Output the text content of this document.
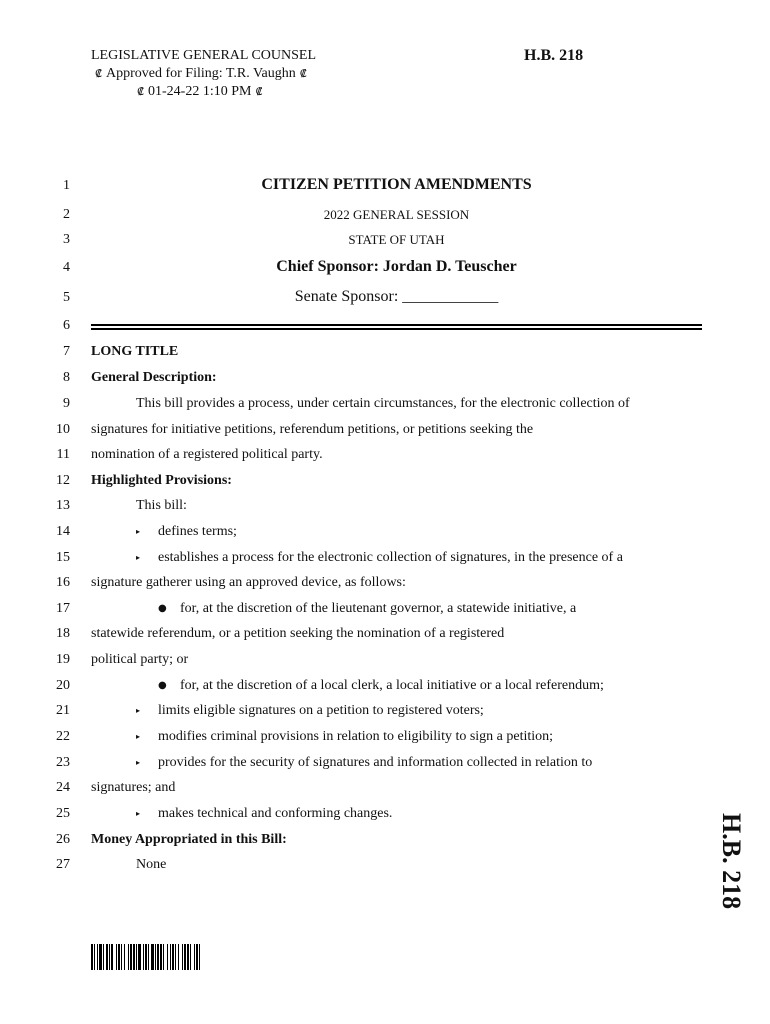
LEGISLATIVE GENERAL COUNSEL
₡ Approved for Filing: T.R. Vaughn ₡
₡ 01-24-22 1:10 PM ₡
H.B. 218
1
2
3
4
5
6
7
8
9
10
11
12
13
14
15
16
17
18
19
20
21
22
23
24
25
26
27
CITIZEN PETITION AMENDMENTS
2022 GENERAL SESSION
STATE OF UTAH
Chief Sponsor: Jordan D. Teuscher
Senate Sponsor: ____________
LONG TITLE
General Description:
This bill provides a process, under certain circumstances, for the electronic collection of
signatures for initiative petitions, referendum petitions, or petitions seeking the
nomination of a registered political party.
Highlighted Provisions:
This bill:
▸ defines terms;
▸ establishes a process for the electronic collection of signatures, in the presence of a
signature gatherer using an approved device, as follows:
● for, at the discretion of the lieutenant governor, a statewide initiative, a
statewide referendum, or a petition seeking the nomination of a registered
political party; or
● for, at the discretion of a local clerk, a local initiative or a local referendum;
▸ limits eligible signatures on a petition to registered voters;
▸ modifies criminal provisions in relation to eligibility to sign a petition;
▸ provides for the security of signatures and information collected in relation to
signatures; and
▸ makes technical and conforming changes.
Money Appropriated in this Bill:
None	H.B. 218
